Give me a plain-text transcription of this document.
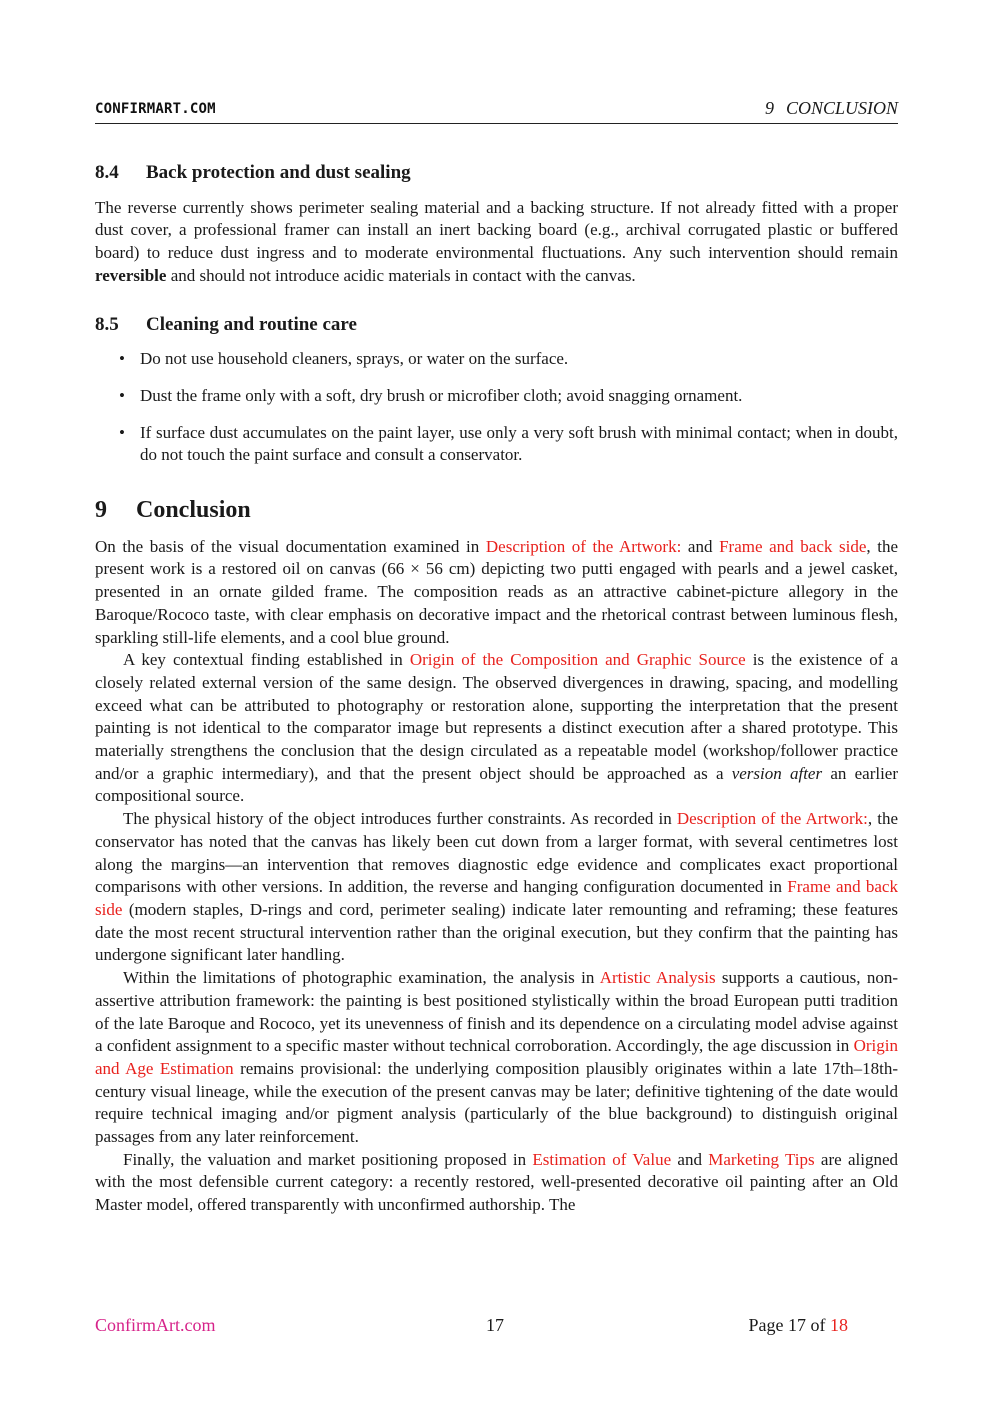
CONFIRMART.COM	9 CONCLUSION
8.4 Back protection and dust sealing

The reverse currently shows perimeter sealing material and a backing structure. If not already fitted with a proper dust cover, a professional framer can install an inert backing board (e.g., archival corrugated plastic or buffered board) to reduce dust ingress and to moderate environmental fluctuations. Any such intervention should remain reversible and should not introduce acidic materials in contact with the canvas.

8.5 Cleaning and routine care
• Do not use household cleaners, sprays, or water on the surface.
• Dust the frame only with a soft, dry brush or microfiber cloth; avoid snagging ornament.
• If surface dust accumulates on the paint layer, use only a very soft brush with minimal contact; when in doubt, do not touch the paint surface and consult a conservator.
9 Conclusion

On the basis of the visual documentation examined in Description of the Artwork: and Frame and back side, the present work is a restored oil on canvas (66 × 56 cm) depicting two putti engaged with pearls and a jewel casket, presented in an ornate gilded frame. The composition reads as an attractive cabinet-picture allegory in the Baroque/Rococo taste, with clear emphasis on decorative impact and the rhetorical contrast between luminous flesh, sparkling still-life elements, and a cool blue ground.

A key contextual finding established in Origin of the Composition and Graphic Source is the existence of a closely related external version of the same design. The observed divergences in drawing, spacing, and modelling exceed what can be attributed to photography or restoration alone, supporting the interpretation that the present painting is not identical to the comparator image but represents a distinct execution after a shared prototype. This materially strengthens the conclusion that the design circulated as a repeatable model (workshop/follower practice and/or a graphic intermediary), and that the present object should be approached as a version after an earlier compositional source.

The physical history of the object introduces further constraints. As recorded in Description of the Artwork:, the conservator has noted that the canvas has likely been cut down from a larger format, with several centimetres lost along the margins—an intervention that removes diagnostic edge evidence and complicates exact proportional comparisons with other versions. In addition, the reverse and hanging configuration documented in Frame and back side (modern staples, D-rings and cord, perimeter sealing) indicate later remounting and reframing; these features date the most recent structural intervention rather than the original execution, but they confirm that the painting has undergone significant later handling.

Within the limitations of photographic examination, the analysis in Artistic Analysis supports a cautious, non-assertive attribution framework: the painting is best positioned stylistically within the broad European putti tradition of the late Baroque and Rococo, yet its unevenness of finish and its dependence on a circulating model advise against a confident assignment to a specific master without technical corroboration. Accordingly, the age discussion in Origin and Age Estimation remains provisional: the underlying composition plausibly originates within a late 17th–18th-century visual lineage, while the execution of the present canvas may be later; definitive tightening of the date would require technical imaging and/or pigment analysis (particularly of the blue background) to distinguish original passages from any later reinforcement.

Finally, the valuation and market positioning proposed in Estimation of Value and Marketing Tips are aligned with the most defensible current category: a recently restored, well-presented decorative oil painting after an Old Master model, offered transparently with unconfirmed authorship. The

ConfirmArt.com	17	Page 17 of 18
